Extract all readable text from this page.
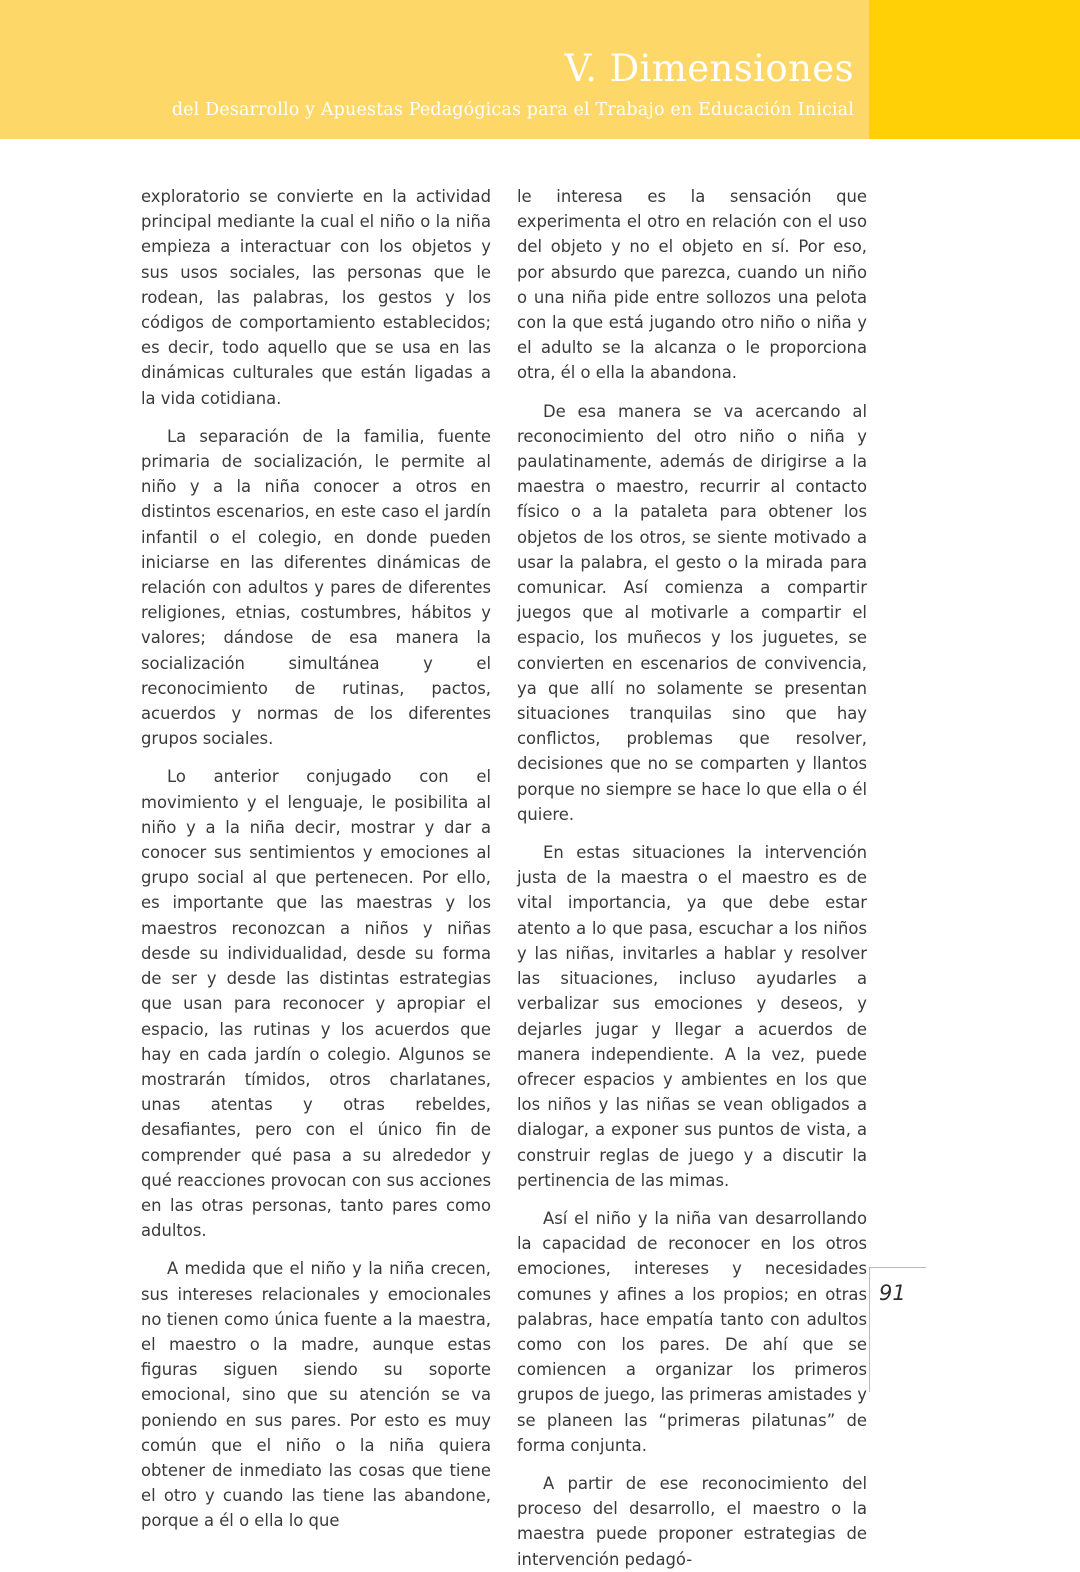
V. Dimensiones
del Desarrollo y Apuestas Pedagógicas para el Trabajo en Educación Inicial

exploratorio se convierte en la actividad principal mediante la cual el niño o la niña empieza a interactuar con los objetos y sus usos sociales, las personas que le rodean, las palabras, los gestos y los códigos de comportamiento establecidos; es decir, todo aquello que se usa en las dinámicas culturales que están ligadas a la vida cotidiana.

La separación de la familia, fuente primaria de socialización, le permite al niño y a la niña conocer a otros en distintos escenarios, en este caso el jardín infantil o el colegio, en donde pueden iniciarse en las diferentes dinámicas de relación con adultos y pares de diferentes religiones, etnias, costumbres, hábitos y valores; dándose de esa manera la socialización simultánea y el reconocimiento de rutinas, pactos, acuerdos y normas de los diferentes grupos sociales.

Lo anterior conjugado con el movimiento y el lenguaje, le posibilita al niño y a la niña decir, mostrar y dar a conocer sus sentimientos y emociones al grupo social al que pertenecen. Por ello, es importante que las maestras y los maestros reconozcan a niños y niñas desde su individualidad, desde su forma de ser y desde las distintas estrategias que usan para reconocer y apropiar el espacio, las rutinas y los acuerdos que hay en cada jardín o colegio. Algunos se mostrarán tímidos, otros charlatanes, unas atentas y otras rebeldes, desafiantes, pero con el único fin de comprender qué pasa a su alrededor y qué reacciones provocan con sus acciones en las otras personas, tanto pares como adultos.

A medida que el niño y la niña crecen, sus intereses relacionales y emocionales no tienen como única fuente a la maestra, el maestro o la madre, aunque estas figuras siguen siendo su soporte emocional, sino que su atención se va poniendo en sus pares. Por esto es muy común que el niño o la niña quiera obtener de inmediato las cosas que tiene el otro y cuando las tiene las abandone, porque a él o ella lo que

le interesa es la sensación que experimenta el otro en relación con el uso del objeto y no el objeto en sí. Por eso, por absurdo que parezca, cuando un niño o una niña pide entre sollozos una pelota con la que está jugando otro niño o niña y el adulto se la alcanza o le proporciona otra, él o ella la abandona.

De esa manera se va acercando al reconocimiento del otro niño o niña y paulatinamente, además de dirigirse a la maestra o maestro, recurrir al contacto físico o a la pataleta para obtener los objetos de los otros, se siente motivado a usar la palabra, el gesto o la mirada para comunicar. Así comienza a compartir juegos que al motivarle a compartir el espacio, los muñecos y los juguetes, se convierten en escenarios de convivencia, ya que allí no solamente se presentan situaciones tranquilas sino que hay conflictos, problemas que resolver, decisiones que no se comparten y llantos porque no siempre se hace lo que ella o él quiere.

En estas situaciones la intervención justa de la maestra o el maestro es de vital importancia, ya que debe estar atento a lo que pasa, escuchar a los niños y las niñas, invitarles a hablar y resolver las situaciones, incluso ayudarles a verbalizar sus emociones y deseos, y dejarles jugar y llegar a acuerdos de manera independiente. A la vez, puede ofrecer espacios y ambientes en los que los niños y las niñas se vean obligados a dialogar, a exponer sus puntos de vista, a construir reglas de juego y a discutir la pertinencia de las mimas.

Así el niño y la niña van desarrollando la capacidad de reconocer en los otros emociones, intereses y necesidades comunes y afines a los propios; en otras palabras, hace empatía tanto con adultos como con los pares. De ahí que se comiencen a organizar los primeros grupos de juego, las primeras amistades y se planeen las “primeras pilatunas” de forma conjunta.

A partir de ese reconocimiento del proceso del desarrollo, el maestro o la maestra puede proponer estrategias de intervención pedagó-

91
